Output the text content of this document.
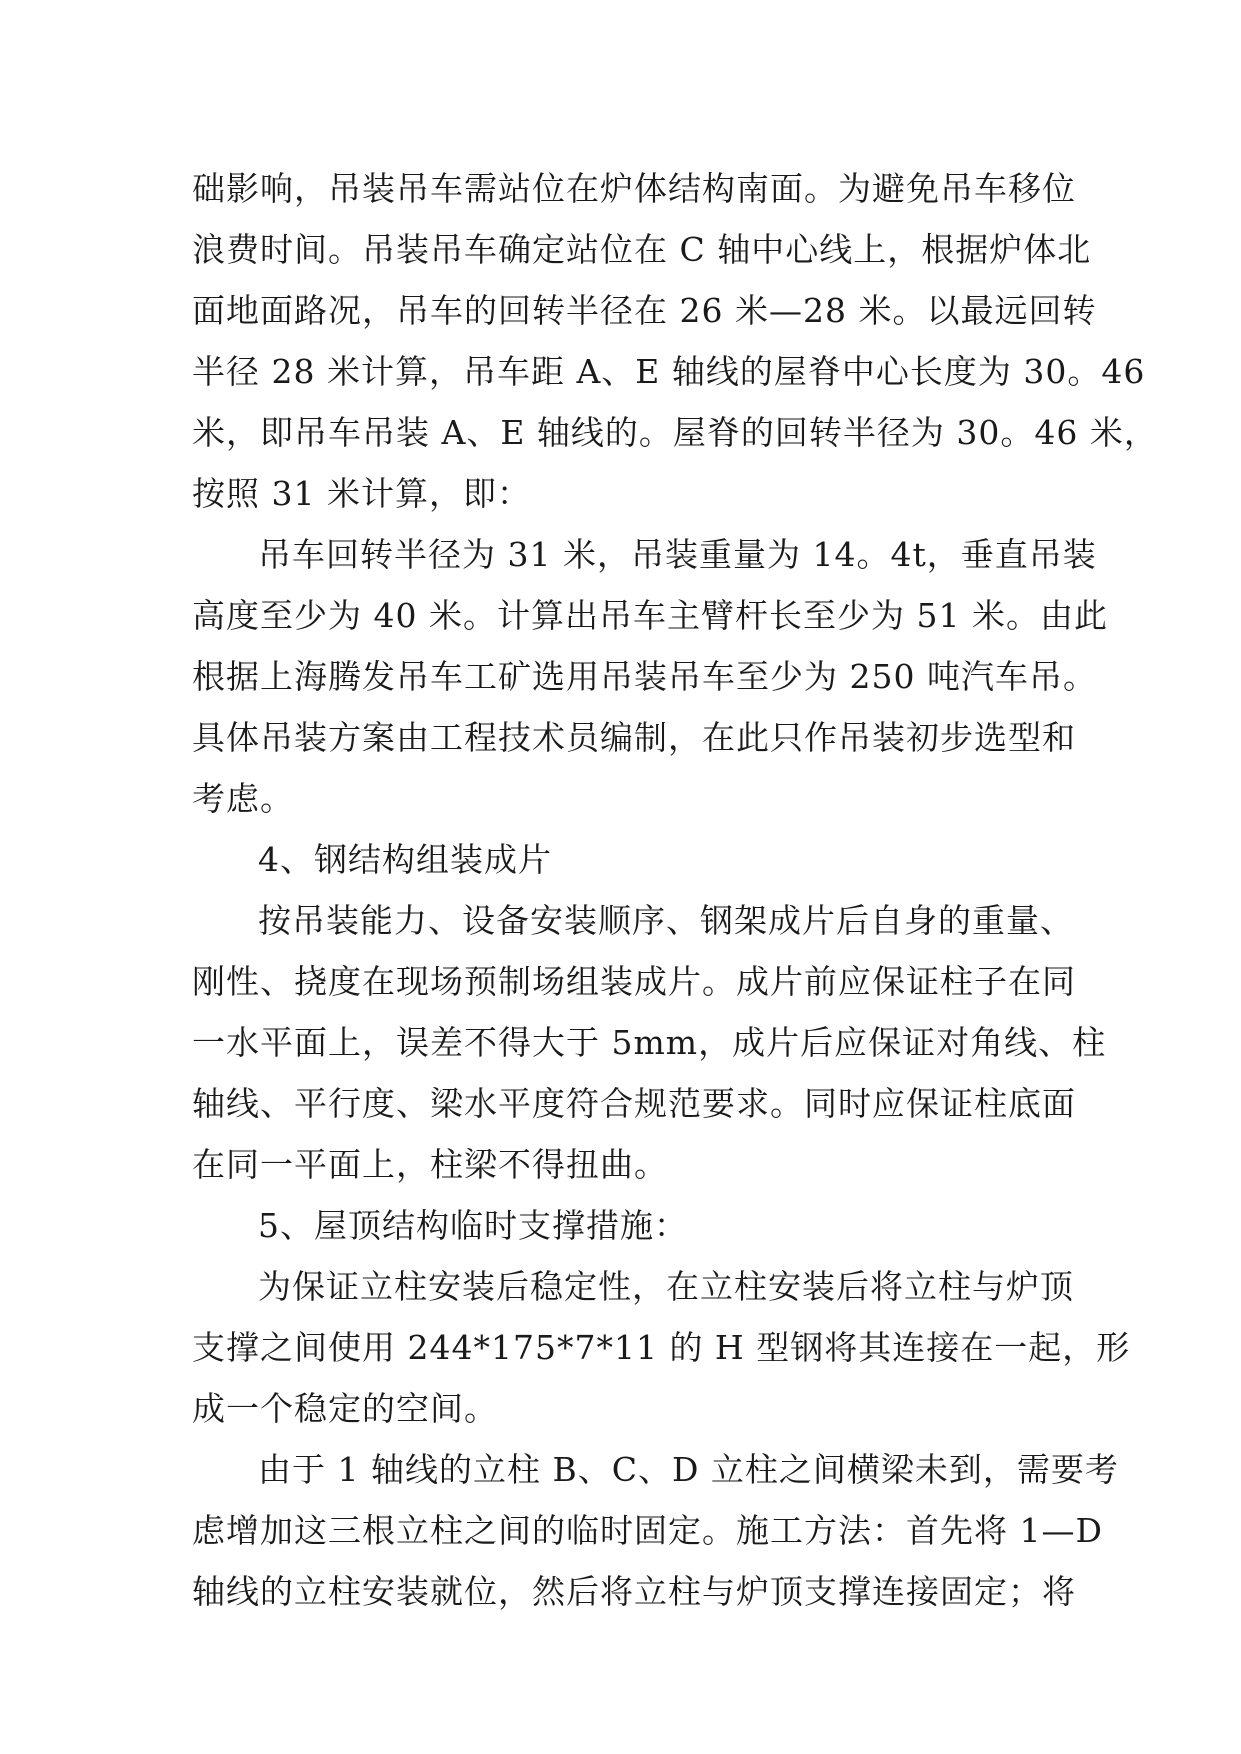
础影响，吊装吊车需站位在炉体结构南面。为避免吊车移位
浪费时间。吊装吊车确定站位在 C 轴中心线上，根据炉体北
面地面路况，吊车的回转半径在 26 米—28 米。以最远回转
半径 28 米计算，吊车距 A、E 轴线的屋脊中心长度为 30。46
米，即吊车吊装 A、E 轴线的。屋脊的回转半径为 30。46 米，
按照 31 米计算，即：
吊车回转半径为 31 米，吊装重量为 14。4t，垂直吊装
高度至少为 40 米。计算出吊车主臂杆长至少为 51 米。由此
根据上海腾发吊车工矿选用吊装吊车至少为 250 吨汽车吊。
具体吊装方案由工程技术员编制，在此只作吊装初步选型和
考虑。
4、钢结构组装成片
按吊装能力、设备安装顺序、钢架成片后自身的重量、
刚性、挠度在现场预制场组装成片。成片前应保证柱子在同
一水平面上，误差不得大于 5mm，成片后应保证对角线、柱
轴线、平行度、梁水平度符合规范要求。同时应保证柱底面
在同一平面上，柱梁不得扭曲。
5、屋顶结构临时支撑措施：
为保证立柱安装后稳定性，在立柱安装后将立柱与炉顶
支撑之间使用 244*175*7*11 的 H 型钢将其连接在一起，形
成一个稳定的空间。
由于 1 轴线的立柱 B、C、D 立柱之间横梁未到，需要考
虑增加这三根立柱之间的临时固定。施工方法：首先将 1—D
轴线的立柱安装就位，然后将立柱与炉顶支撑连接固定；将
